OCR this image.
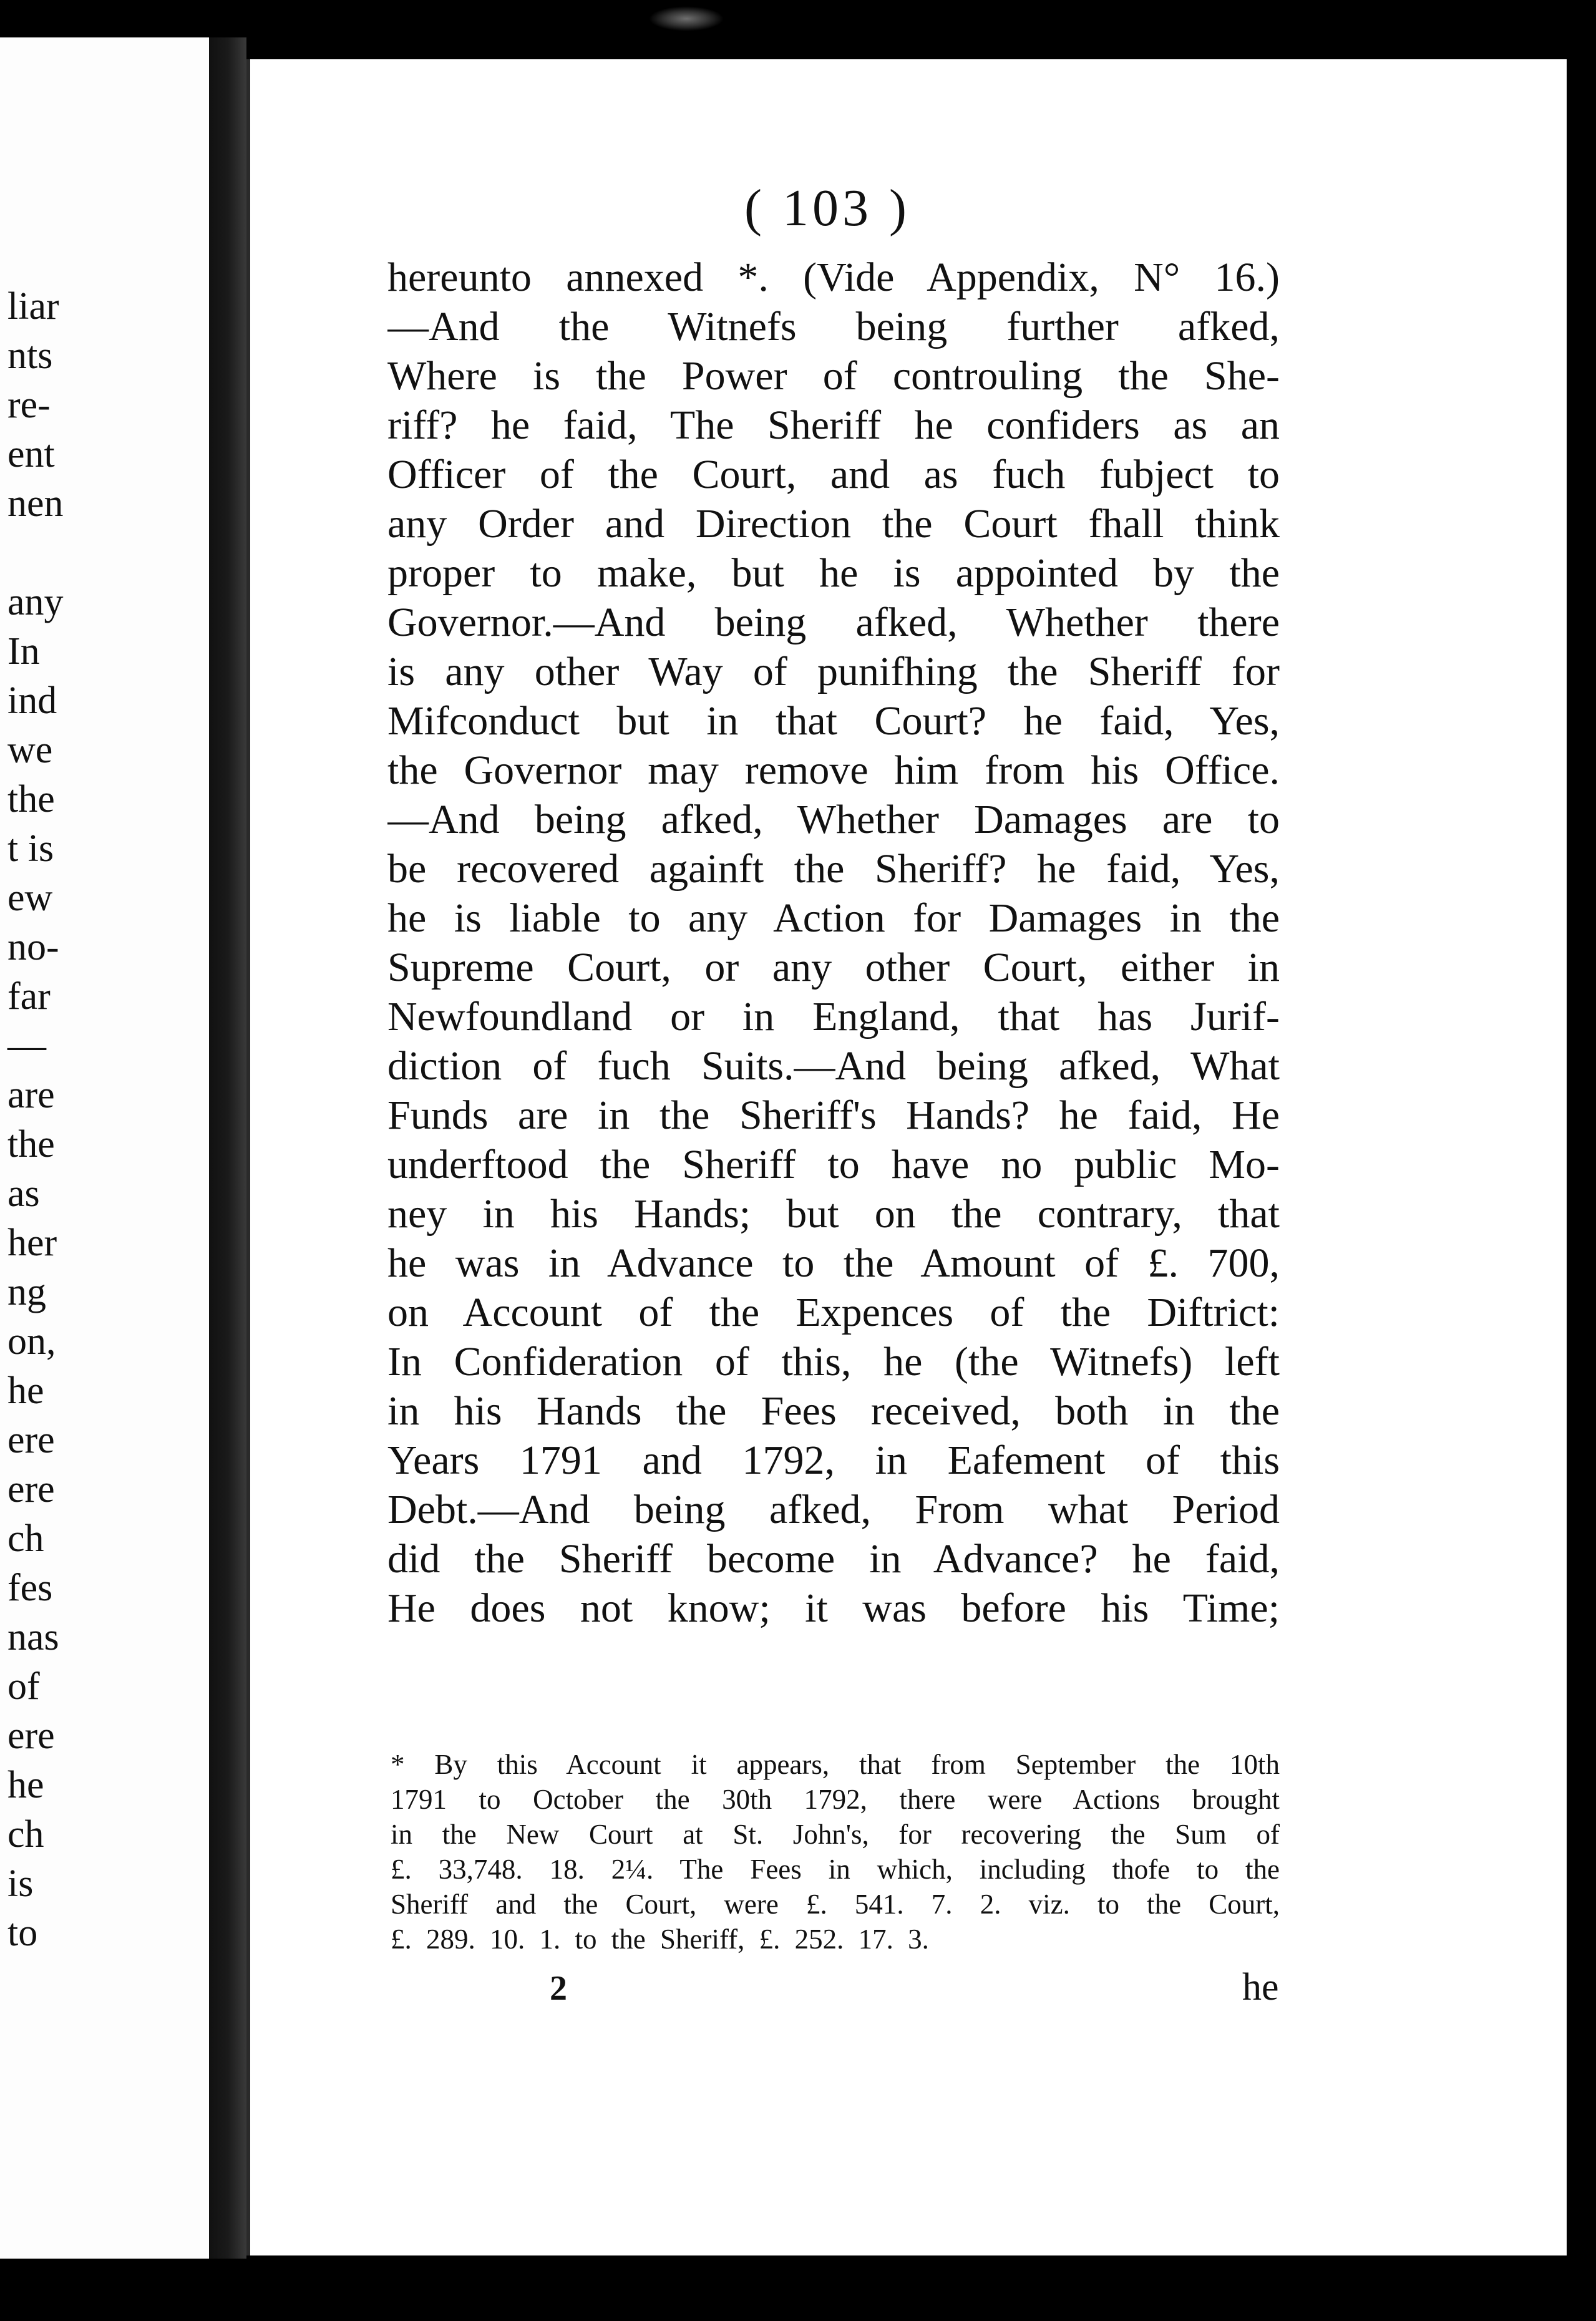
liar
nts
re-
ent
nen
any
In
ind
we
the
t is
ew
no-
far
—
are
the
as
her
ng
on,
he
ere
ere
ch
fes
nas
of
ere
he
ch
is
to
( 103 )
hereunto annexed *. (Vide Appendix, N° 16.)
—And the Witnefs being further afked,
Where is the Power of controuling the She-
riff? he faid, The Sheriff he confiders as an
Officer of the Court, and as fuch fubject to
any Order and Direction the Court fhall think
proper to make, but he is appointed by the
Governor.—And being afked, Whether there
is any other Way of punifhing the Sheriff for
Mifconduct but in that Court? he faid, Yes,
the Governor may remove him from his Office.
—And being afked, Whether Damages are to
be recovered againft the Sheriff? he faid, Yes,
he is liable to any Action for Damages in the
Supreme Court, or any other Court, either in
Newfoundland or in England, that has Jurif-
diction of fuch Suits.—And being afked, What
Funds are in the Sheriff's Hands? he faid, He
underftood the Sheriff to have no public Mo-
ney in his Hands; but on the contrary, that
he was in Advance to the Amount of £. 700,
on Account of the Expences of the Diftrict:
In Confideration of this, he (the Witnefs) left
in his Hands the Fees received, both in the
Years 1791 and 1792, in Eafement of this
Debt.—And being afked, From what Period
did the Sheriff become in Advance? he faid,
He does not know; it was before his Time;
* By this Account it appears, that from September the 10th
1791 to October the 30th 1792, there were Actions brought
in the New Court at St. John's, for recovering the Sum of
£. 33,748. 18. 2¼. The Fees in which, including thofe to the
Sheriff and the Court, were £. 541. 7. 2. viz. to the Court,
£. 289. 10. 1. to the Sheriff, £. 252. 17. 3.
2	he
